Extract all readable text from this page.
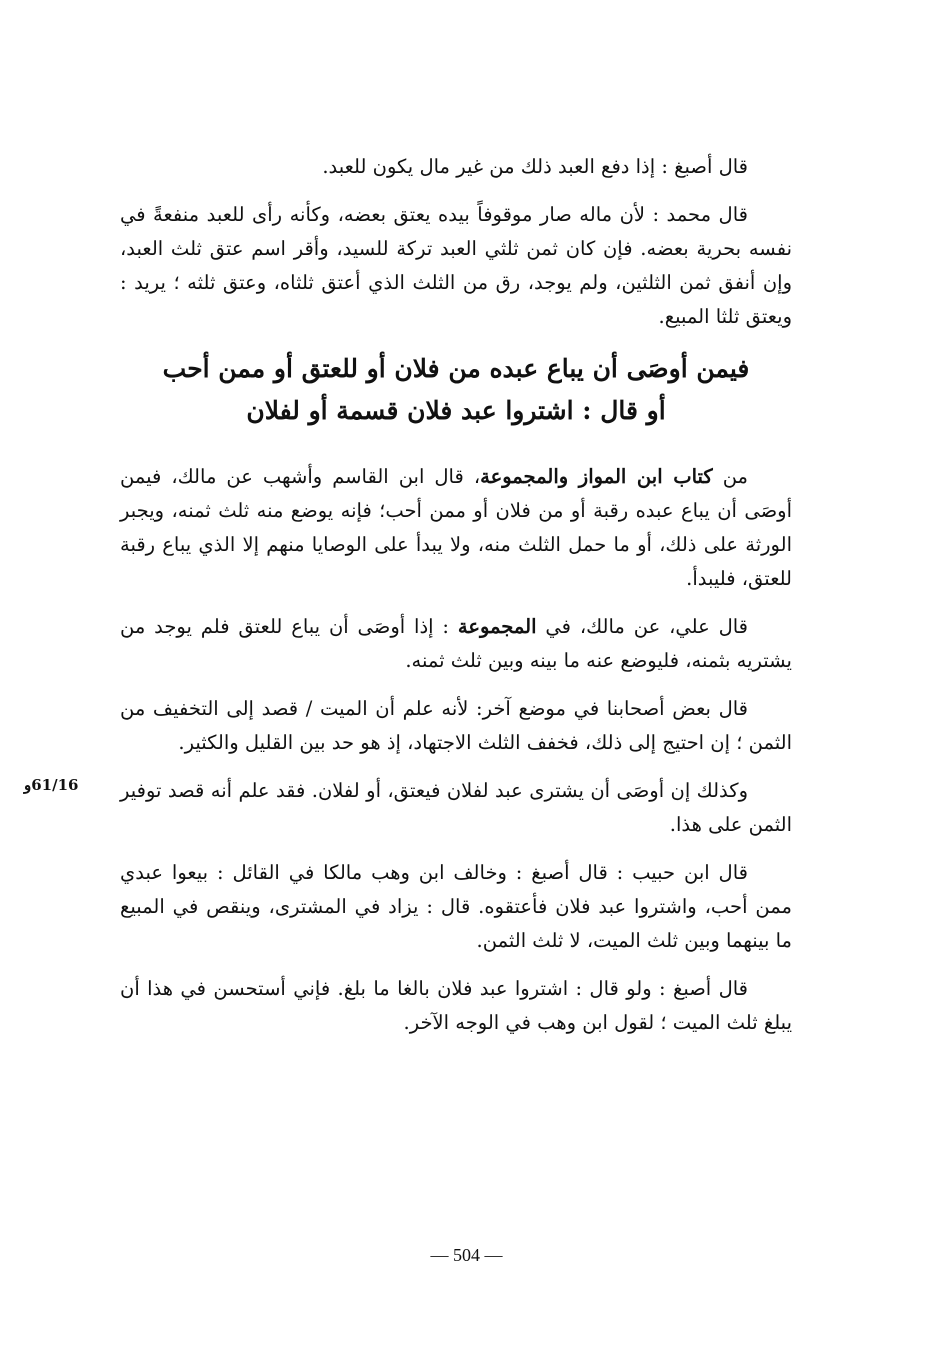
قال أصبغ : إذا دفع العبد ذلك من غير مال يكون للعبد.

قال محمد : لأن ماله صار موقوفاً بيده يعتق بعضه، وكأنه رأى للعبد منفعةً في نفسه بحرية بعضه. فإن كان ثمن ثلثي العبد تركة للسيد، وأقر اسم عتق ثلث العبد، وإن أنفق ثمن الثلثين، ولم يوجد، رق من الثلث الذي أعتق ثلثاه، وعتق ثلثه ؛ يريد : ويعتق ثلثا المبيع.

فيمن أوصَى أن يباع عبده من فلان أو للعتق أو ممن أحب
أو قال : اشتروا عبد فلان قسمة أو لفلان

من كتاب ابن المواز والمجموعة، قال ابن القاسم وأشهب عن مالك، فيمن أوصَى أن يباع عبده رقبة أو من فلان أو ممن أحب؛ فإنه يوضع منه ثلث ثمنه، ويجبر الورثة على ذلك، أو ما حمل الثلث منه، ولا يبدأ على الوصايا منهم إلا الذي يباع رقبة للعتق، فليبدأ.

قال علي، عن مالك، في المجموعة : إذا أوصَى أن يباع للعتق فلم يوجد من يشتريه بثمنه، فليوضع عنه ما بينه وبين ثلث ثمنه.

قال بعض أصحابنا في موضع آخر: لأنه علم أن الميت / قصد إلى التخفيف من الثمن ؛ إن احتيج إلى ذلك، فخفف الثلث الاجتهاد، إذ هو حد بين القليل والكثير.

وكذلك إن أوصَى أن يشترى عبد لفلان فيعتق، أو لفلان. فقد علم أنه قصد توفير الثمن على هذا.

قال ابن حبيب : قال أصبغ : وخالف ابن وهب مالكا في القائل : بيعوا عبدي ممن أحب، واشتروا عبد فلان فأعتقوه. قال : يزاد في المشترى، وينقص في المبيع ما بينهما وبين ثلث الميت، لا ثلث الثمن.

قال أصبغ : ولو قال : اشتروا عبد فلان بالغا ما بلغ. فإني أستحسن في هذا أن يبلغ ثلث الميت ؛ لقول ابن وهب في الوجه الآخر.

61/16و
— 504 —
